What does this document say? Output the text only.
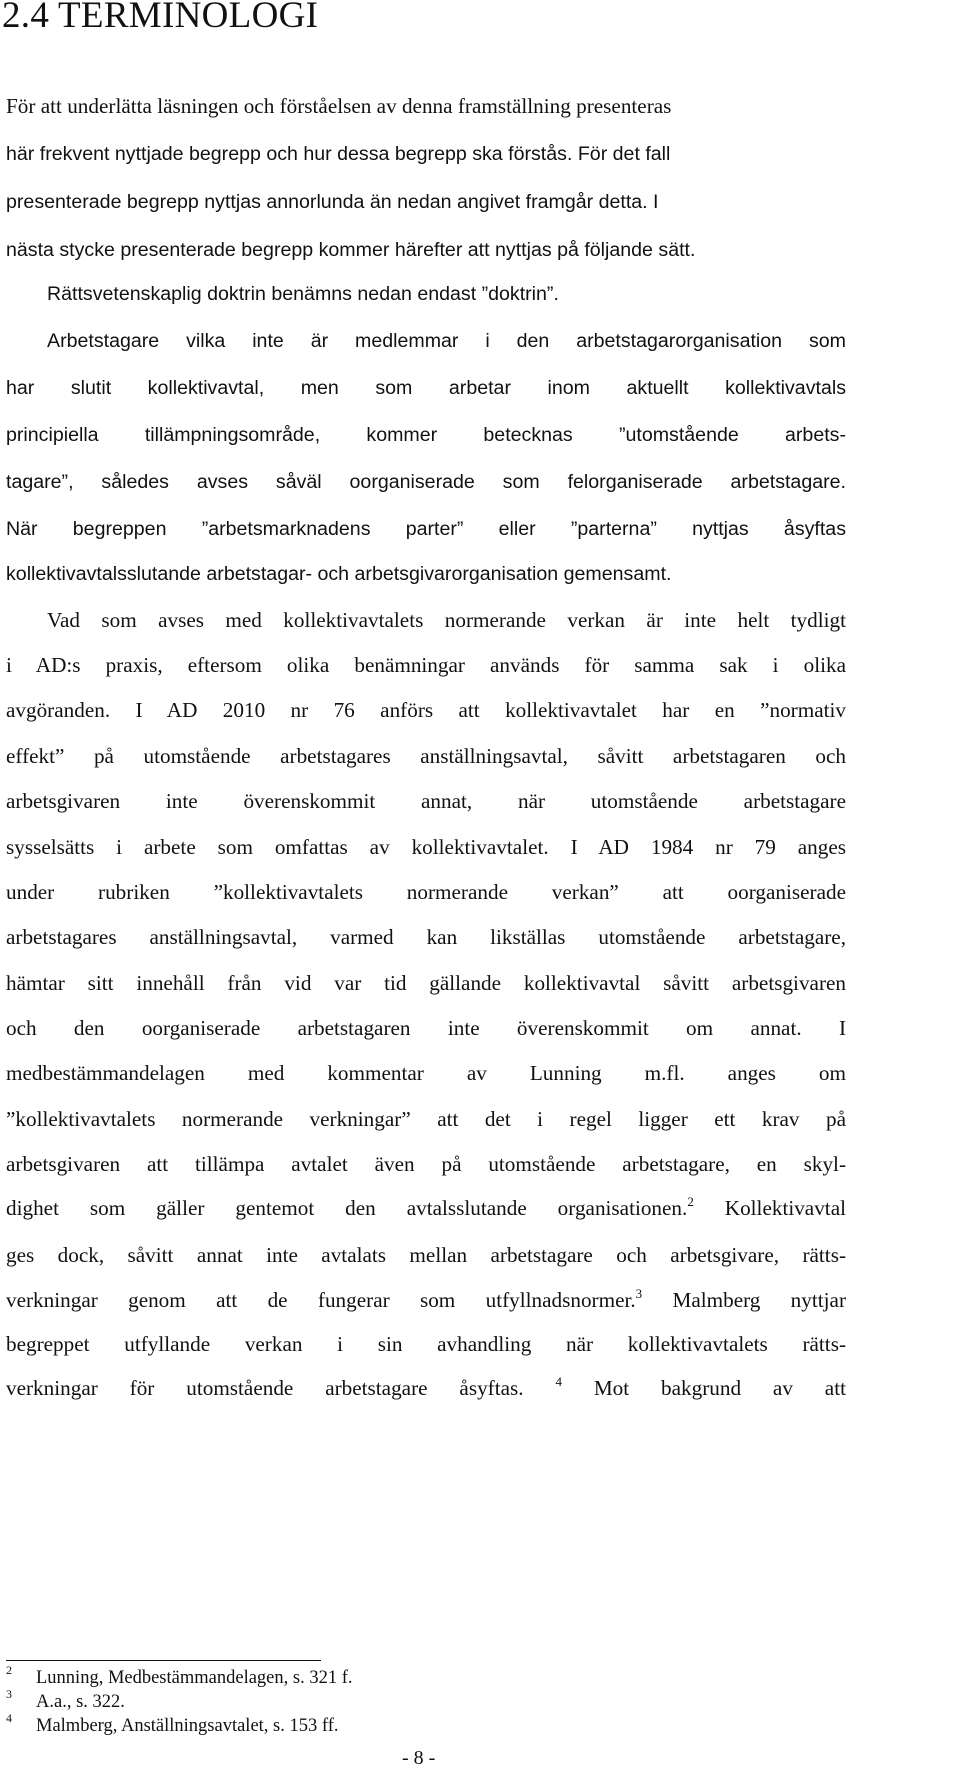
2.4 TERMINOLOGI
För att underlätta läsningen och förståelsen av denna framställning presenteras
här frekvent nyttjade begrepp och hur dessa begrepp ska förstås. För det fall
presenterade begrepp nyttjas annorlunda än nedan angivet framgår detta. I
nästa stycke presenterade begrepp kommer härefter att nyttjas på följande sätt.
Rättsvetenskaplig doktrin benämns nedan endast ”doktrin”.
Arbetstagare vilka inte är medlemmar i den arbetstagarorganisation som
har slutit kollektivavtal, men som arbetar inom aktuellt kollektivavtals
principiella tillämpningsområde, kommer betecknas ”utomstående arbets-
tagare”, således avses såväl oorganiserade som felorganiserade arbetstagare.
När begreppen ”arbetsmarknadens parter” eller ”parterna” nyttjas åsyftas
kollektivavtalsslutande arbetstagar- och arbetsgivarorganisation gemensamt.
Vad som avses med kollektivavtalets normerande verkan är inte helt tydligt
i AD:s praxis, eftersom olika benämningar används för samma sak i olika
avgöranden. I AD 2010 nr 76 anförs att kollektivavtalet har en ”normativ
effekt” på utomstående arbetstagares anställningsavtal, såvitt arbetstagaren och
arbetsgivaren inte överenskommit annat, när utomstående arbetstagare
sysselsätts i arbete som omfattas av kollektivavtalet. I AD 1984 nr 79 anges
under rubriken ”kollektivavtalets normerande verkan” att oorganiserade
arbetstagares anställningsavtal, varmed kan likställas utomstående arbetstagare,
hämtar sitt innehåll från vid var tid gällande kollektivavtal såvitt arbetsgivaren
och den oorganiserade arbetstagaren inte överenskommit om annat. I
medbestämmandelagen med kommentar av Lunning m.fl. anges om
”kollektivavtalets normerande verkningar” att det i regel ligger ett krav på
arbetsgivaren att tillämpa avtalet även på utomstående arbetstagare, en skyl-
dighet som gäller gentemot den avtalsslutande organisationen.$^2$ Kollektivavtal
ges dock, såvitt annat inte avtalats mellan arbetstagare och arbetsgivare, rätts-
verkningar genom att de fungerar som utfyllnadsnormer.$^3$ Malmberg nyttjar
begreppet utfyllande verkan i sin avhandling när kollektivavtalets rätts-
verkningar för utomstående arbetstagare åsyftas. $^4$ Mot bakgrund av att
2 Lunning, Medbestämmandelagen, s. 321 f.
3 A.a., s. 322.
4 Malmberg, Anställningsavtalet, s. 153 ff.
- 8 -
